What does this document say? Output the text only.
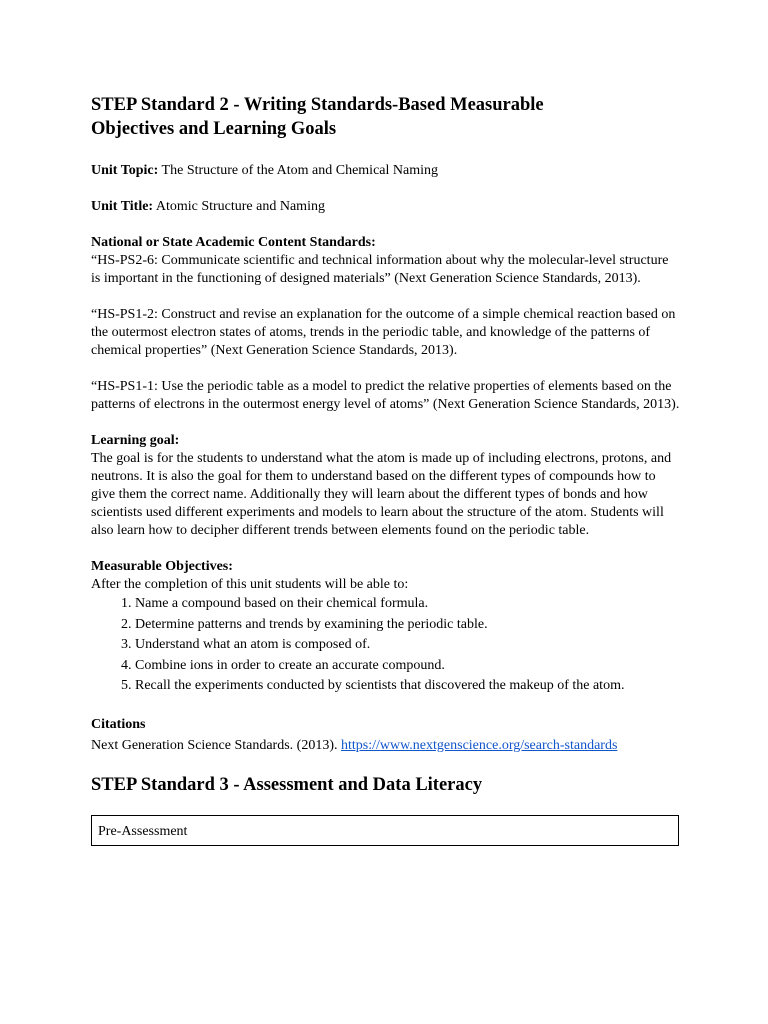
STEP Standard 2 - Writing Standards-Based Measurable
Objectives and Learning Goals

Unit Topic: The Structure of the Atom and Chemical Naming

Unit Title: Atomic Structure and Naming

National or State Academic Content Standards:

“HS-PS2-6: Communicate scientific and technical information about why the molecular-level structure is important in the functioning of designed materials” (Next Generation Science Standards, 2013).

“HS-PS1-2: Construct and revise an explanation for the outcome of a simple chemical reaction based on the outermost electron states of atoms, trends in the periodic table, and knowledge of the patterns of chemical properties” (Next Generation Science Standards, 2013).

“HS-PS1-1: Use the periodic table as a model to predict the relative properties of elements based on the patterns of electrons in the outermost energy level of atoms” (Next Generation Science Standards, 2013).

Learning goal:

The goal is for the students to understand what the atom is made up of including electrons, protons, and neutrons. It is also the goal for them to understand based on the different types of compounds how to give them the correct name. Additionally they will learn about the different types of bonds and how scientists used different experiments and models to learn about the structure of the atom. Students will also learn how to decipher different trends between elements found on the periodic table.

Measurable Objectives:

After the completion of this unit students will be able to:

1. Name a compound based on their chemical formula.
2. Determine patterns and trends by examining the periodic table.
3. Understand what an atom is composed of.
4. Combine ions in order to create an accurate compound.
5. Recall the experiments conducted by scientists that discovered the makeup of the atom.

Citations

Next Generation Science Standards. (2013). https://www.nextgenscience.org/search-standards

STEP Standard 3 - Assessment and Data Literacy
Pre-Assessment
